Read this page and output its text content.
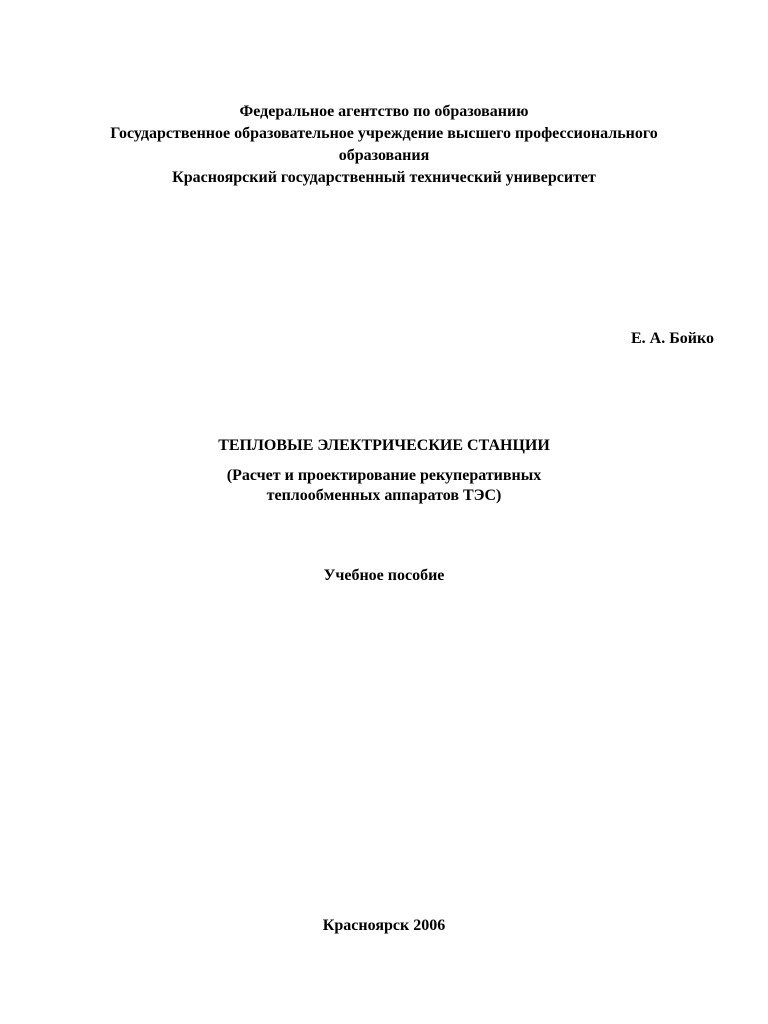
Федеральное агентство по образованию
Государственное образовательное учреждение высшего профессионального
образования
Красноярский государственный технический университет
Е. А. Бойко
ТЕПЛОВЫЕ ЭЛЕКТРИЧЕСКИЕ СТАНЦИИ
(Расчет и проектирование рекуперативных
теплообменных аппаратов ТЭС)
Учебное пособие
Красноярск 2006
